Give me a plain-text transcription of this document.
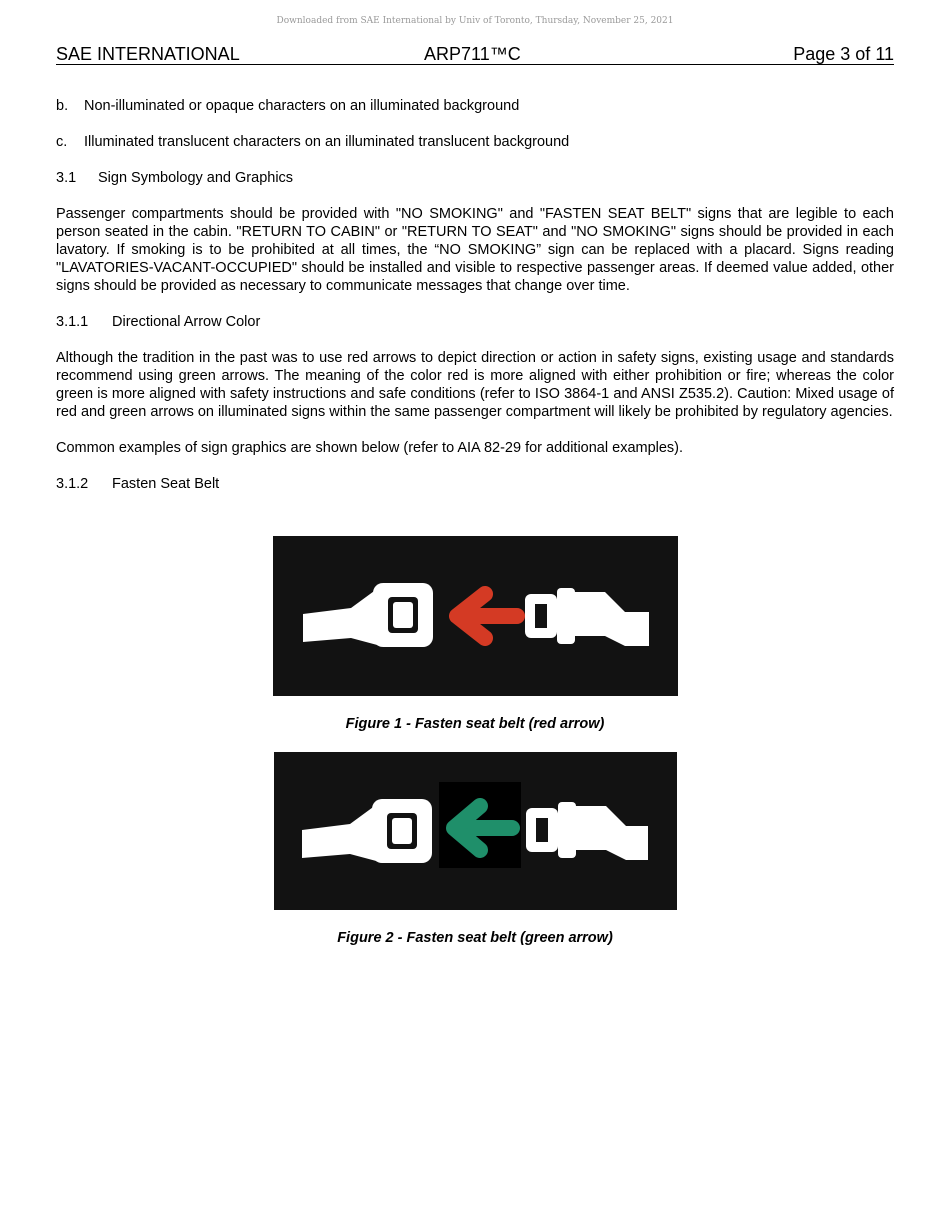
Downloaded from SAE International by Univ of Toronto, Thursday, November 25, 2021
SAE INTERNATIONAL	ARP711™C	Page 3 of 11

b. Non-illuminated or opaque characters on an illuminated background

c. Illuminated translucent characters on an illuminated translucent background

3.1 Sign Symbology and Graphics

Passenger compartments should be provided with "NO SMOKING" and "FASTEN SEAT BELT" signs that are legible to each person seated in the cabin. "RETURN TO CABIN" or "RETURN TO SEAT" and "NO SMOKING" signs should be provided in each lavatory. If smoking is to be prohibited at all times, the “NO SMOKING” sign can be replaced with a placard. Signs reading "LAVATORIES-VACANT-OCCUPIED" should be installed and visible to respective passenger areas. If deemed value added, other signs should be provided as necessary to communicate messages that change over time.

3.1.1 Directional Arrow Color

Although the tradition in the past was to use red arrows to depict direction or action in safety signs, existing usage and standards recommend using green arrows. The meaning of the color red is more aligned with either prohibition or fire; whereas the color green is more aligned with safety instructions and safe conditions (refer to ISO 3864-1 and ANSI Z535.2). Caution: Mixed usage of red and green arrows on illuminated signs within the same passenger compartment will likely be prohibited by regulatory agencies.

Common examples of sign graphics are shown below (refer to AIA 82-29 for additional examples).

3.1.2 Fasten Seat Belt

Figure 1 - Fasten seat belt (red arrow)
Figure 2 - Fasten seat belt (green arrow)
